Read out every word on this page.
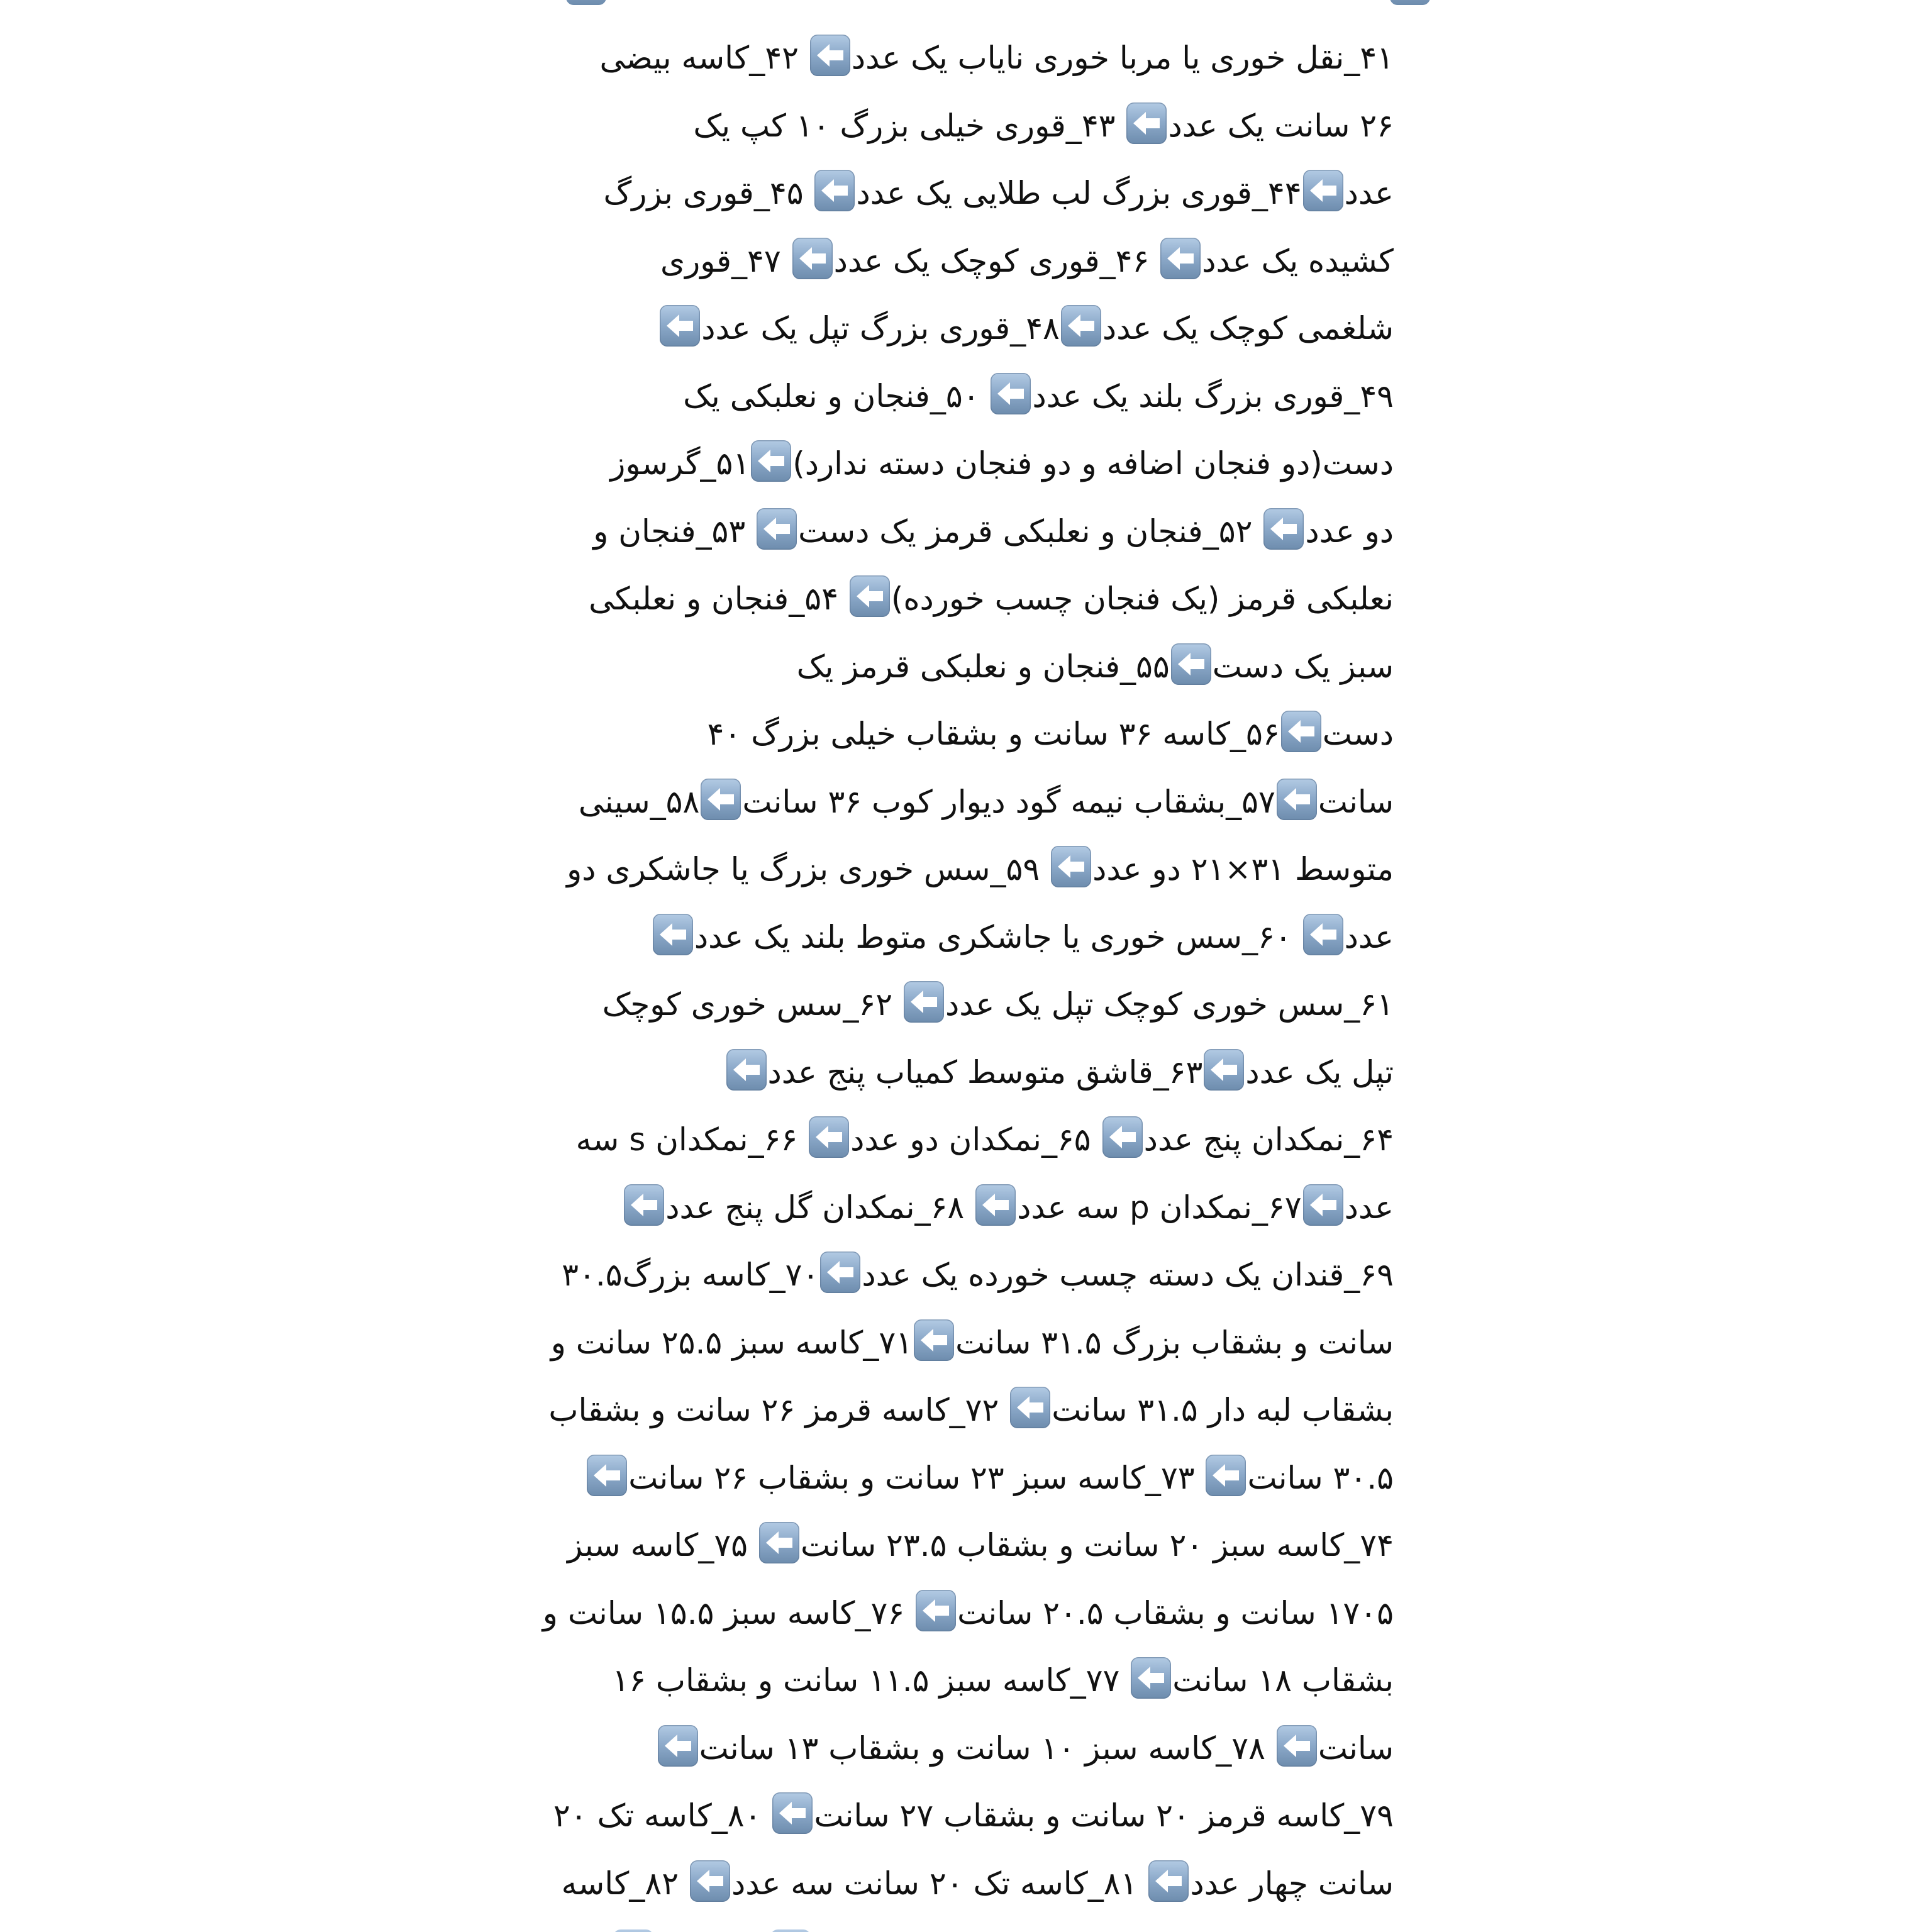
۴۱_نقل خوری یا مربا خوری نایاب یک عدد
۴۲_کاسه بیضی
۲۶ سانت یک عدد
۴۳_قوری خیلی بزرگ ۱۰ کپ یک
عدد
۴۴_قوری بزرگ لب طلایی یک عدد
۴۵_قوری بزرگ
کشیده یک عدد
۴۶_قوری کوچک یک عدد
۴۷_قوری
شلغمی کوچک یک عدد
۴۸_قوری بزرگ تپل یک عدد
۴۹_قوری بزرگ بلند یک عدد
۵۰_فنجان و نعلبکی یک
دست(دو فنجان اضافه و دو فنجان دسته ندارد)
۵۱_گرسوز
دو عدد
۵۲_فنجان و نعلبکی قرمز یک دست
۵۳_فنجان و
نعلبکی قرمز (یک فنجان چسب خورده)
۵۴_فنجان و نعلبکی
سبز یک دست
۵۵_فنجان و نعلبکی قرمز یک
دست
۵۶_کاسه ۳۶ سانت و بشقاب خیلی بزرگ ۴۰
سانت
۵۷_بشقاب نیمه گود دیوار کوب ۳۶ سانت
۵۸_سینی
متوسط ۳۱×۲۱ دو عدد
۵۹_سس خوری بزرگ یا جاشکری دو
عدد
۶۰_سس خوری یا جاشکری متوط بلند یک عدد
۶۱_سس خوری کوچک تپل یک عدد
۶۲_سس خوری کوچک
تپل یک عدد
۶۳_قاشق متوسط کمیاب پنج عدد
۶۴_نمکدان پنج عدد
۶۵_نمکدان دو عدد
۶۶_نمکدان s سه
عدد
۶۷_نمکدان p سه عدد
۶۸_نمکدان گل پنج عدد
۶۹_قندان یک دسته چسب خورده یک عدد
۷۰_کاسه بزرگ۳۰.۵
سانت و بشقاب بزرگ ۳۱.۵ سانت
۷۱_کاسه سبز ۲۵.۵ سانت و
بشقاب لبه دار ۳۱.۵ سانت
۷۲_کاسه قرمز ۲۶ سانت و بشقاب
۳۰.۵ سانت
۷۳_کاسه سبز ۲۳ سانت و بشقاب ۲۶ سانت
۷۴_کاسه سبز ۲۰ سانت و بشقاب ۲۳.۵ سانت
۷۵_کاسه سبز
۱۷۰۵ سانت و بشقاب ۲۰.۵ سانت
۷۶_کاسه سبز ۱۵.۵ سانت و
بشقاب ۱۸ سانت
۷۷_کاسه سبز ۱۱.۵ سانت و بشقاب ۱۶
سانت
۷۸_کاسه سبز ۱۰ سانت و بشقاب ۱۳ سانت
۷۹_کاسه قرمز ۲۰ سانت و بشقاب ۲۷ سانت
۸۰_کاسه تک ۲۰
سانت چهار عدد
۸۱_کاسه تک ۲۰ سانت سه عدد
۸۲_کاسه
